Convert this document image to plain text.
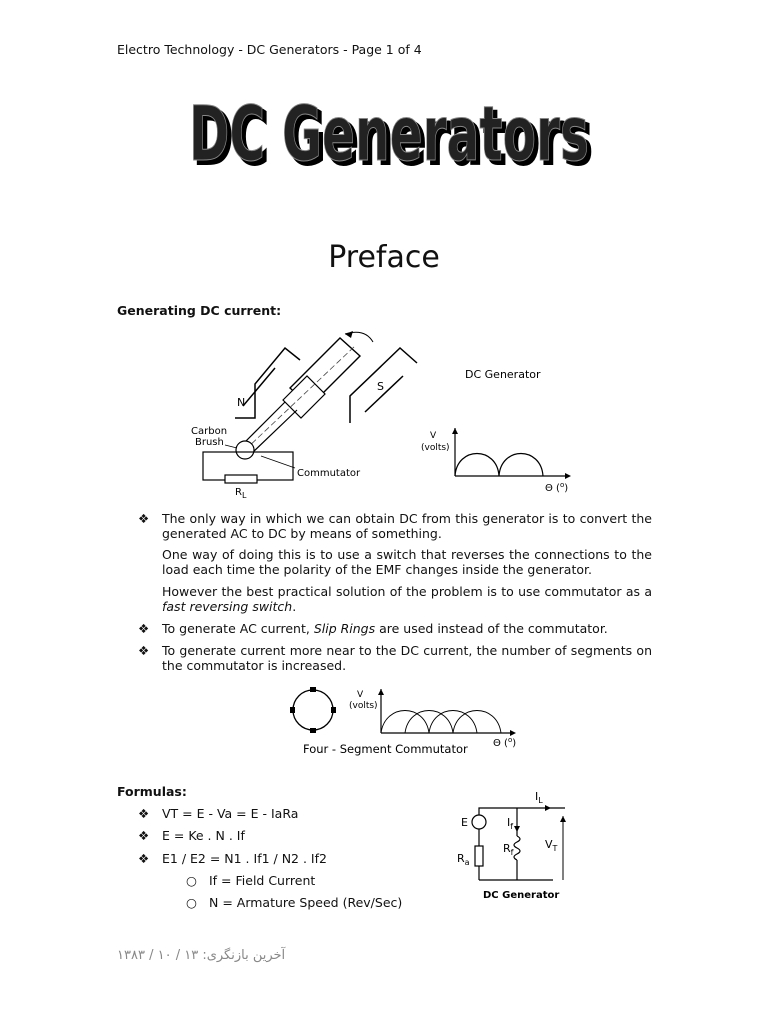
Electro Technology - DC Generators - Page 1 of 4
DC Generators
DC Generators
Preface
Generating DC current:
N
S
Carbon
Brush
$R_L$
Commutator
DC Generator
V
(volts)
Θ ($^o$)
❖ The only way in which we can obtain DC from this generator is to convert the generated AC to DC by means of something.
One way of doing this is to use a switch that reverses the connections to the load each time the polarity of the EMF changes inside the generator.
However the best practical solution of the problem is to use commutator as a fast reversing switch.
❖ To generate AC current, Slip Rings are used instead of the commutator.
❖ To generate current more near to the DC current, the number of segments on the commutator is increased.
V
(volts)
Four - Segment Commutator	Θ ($^o$)
Formulas:
❖ VT = E - Va = E - IaRa
❖ E = Ke . N . If
❖ E1 / E2 = N1 . If1 / N2 . If2
○ If = Field Current
○ N = Armature Speed (Rev/Sec)
E
$R_a$
$R_f$
$I_f$
$I_L$
$V_T$
DC Generator
آخرین بازنگری: ۱۳ / ۱۰ / ۱۳۸۳
